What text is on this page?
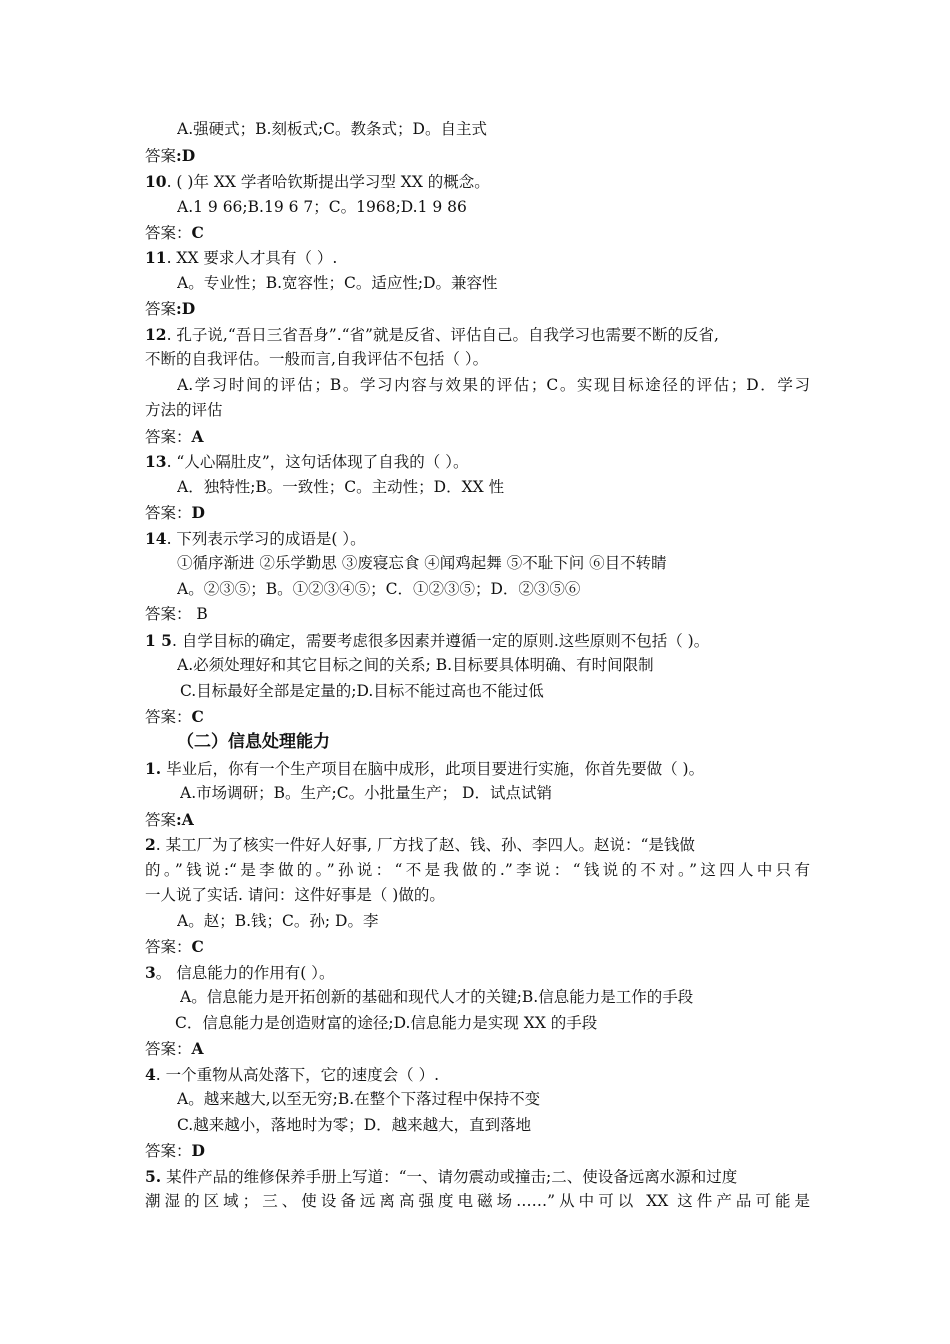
A.强硬式；B.刻板式;C。教条式；D。自主式
答案:D
10. ( )年 XX 学者哈钦斯提出学习型 XX 的概念。
A.1 9 66;B.19 6 7；C。1968;D.1 9 86
答案：C
11. XX 要求人才具有（ ）.
A。专业性；B.宽容性；C。适应性;D。兼容性
答案:D
12. 孔子说,“吾日三省吾身”.“省”就是反省、评估自己。自我学习也需要不断的反省,
不断的自我评估。一般而言,自我评估不包括（ ）。
A.学习时间的评估；B。学习内容与效果的评估；C。实现目标途径的评估；D．学习
方法的评估
答案：A
13. “人心隔肚皮”，这句话体现了自我的（ ）。
A．独特性;B。一致性；C。主动性；D．XX 性
答案：D
14. 下列表示学习的成语是( ）。
①循序渐进 ②乐学勤思 ③废寝忘食 ④闻鸡起舞 ⑤不耻下问 ⑥目不转睛
A。②③⑤；B。①②③④⑤；C．①②③⑤；D．②③⑤⑥
答案： B
1 5. 自学目标的确定，需要考虑很多因素并遵循一定的原则.这些原则不包括（ )。
A.必须处理好和其它目标之间的关系; B.目标要具体明确、有时间限制
C.目标最好全部是定量的;D.目标不能过高也不能过低
答案：C
（二）信息处理能力
1. 毕业后，你有一个生产项目在脑中成形，此项目要进行实施，你首先要做（ )。
A.市场调研；B。生产;C。小批量生产； D．试点试销
答案:A
2. 某工厂为了核实一件好人好事, 厂方找了赵、钱、孙、李四人。赵说：“是钱做
的。”钱说:“是李做的。”孙说：“不是我做的.”李说：“钱说的不对。”这四人中只有
一人说了实话. 请问：这件好事是（ )做的。
A。赵；B.钱；C。孙; D。李
答案：C
3。 信息能力的作用有( ）。
A。信息能力是开拓创新的基础和现代人才的关键;B.信息能力是工作的手段
C．信息能力是创造财富的途径;D.信息能力是实现 XX 的手段
答案：A
4. 一个重物从高处落下，它的速度会（ ）.
A。越来越大,以至无穷;B.在整个下落过程中保持不变
C.越来越小，落地时为零；D．越来越大，直到落地
答案：D
5. 某件产品的维修保养手册上写道：“一、请勿震动或撞击;二、使设备远离水源和过度
潮湿的区域；三、使设备远离高强度电磁场……”从中可以 XX 这件产品可能是
